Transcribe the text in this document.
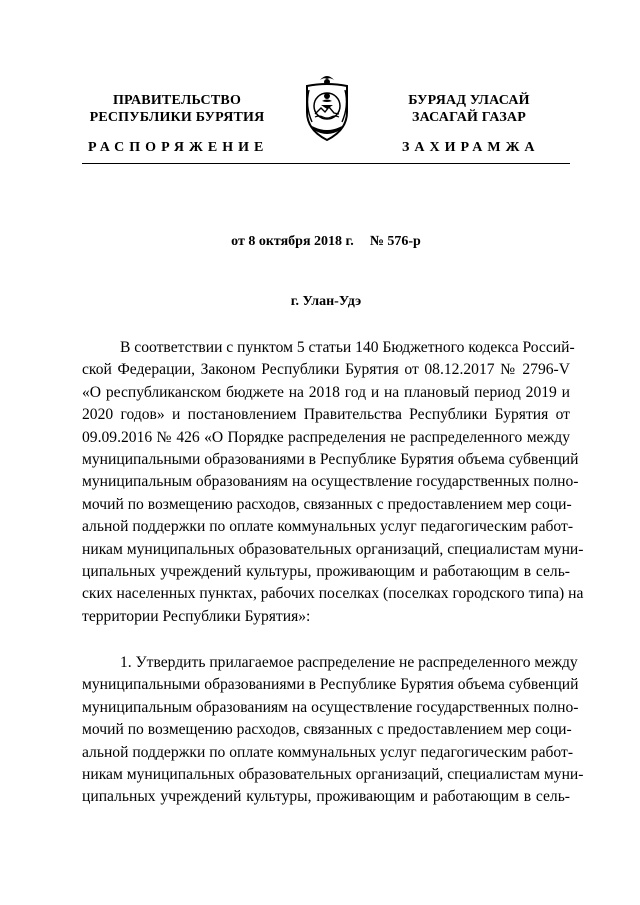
ПРАВИТЕЛЬСТВО
РЕСПУБЛИКИ БУРЯТИЯ
БУРЯАД УЛАСАЙ
ЗАСАГАЙ ГАЗАР
РАСПОРЯЖЕНИЕ	ЗАХИРАМЖА
от 8 октября 2018 г. № 576-р
г. Улан-Удэ
В соответствии с пунктом 5 статьи 140 Бюджетного кодекса Россий-
ской Федерации, Законом Республики Бурятия от 08.12.2017 № 2796-V
«О республиканском бюджете на 2018 год и на плановый период 2019 и
2020 годов» и постановлением Правительства Республики Бурятия от
09.09.2016 № 426 «О Порядке распределения не распределенного между
муниципальными образованиями в Республике Бурятия объема субвенций
муниципальным образованиям на осуществление государственных полно-
мочий по возмещению расходов, связанных с предоставлением мер соци-
альной поддержки по оплате коммунальных услуг педагогическим работ-
никам муниципальных образовательных организаций, специалистам муни-
ципальных учреждений культуры, проживающим и работающим в сель-
ских населенных пунктах, рабочих поселках (поселках городского типа) на
территории Республики Бурятия»:
1. Утвердить прилагаемое распределение не распределенного между
муниципальными образованиями в Республике Бурятия объема субвенций
муниципальным образованиям на осуществление государственных полно-
мочий по возмещению расходов, связанных с предоставлением мер соци-
альной поддержки по оплате коммунальных услуг педагогическим работ-
никам муниципальных образовательных организаций, специалистам муни-
ципальных учреждений культуры, проживающим и работающим в сель-
